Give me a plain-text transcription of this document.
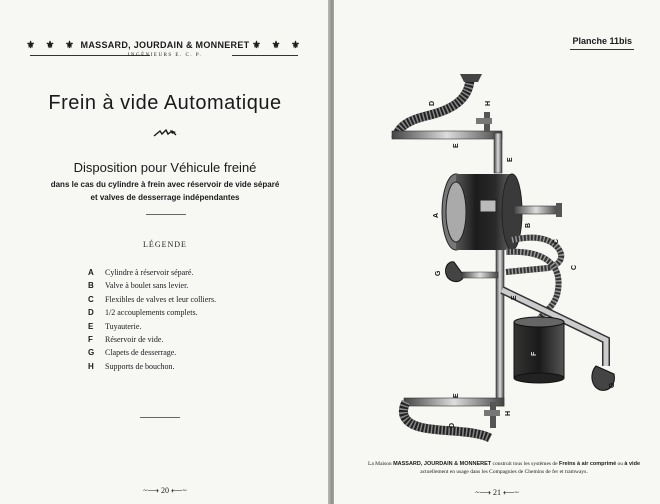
⚜ ⚜ ⚜ MASSARD, JOURDAIN & MONNERET ⚜ ⚜ ⚜
INGÉNIEURS E. C. P.
Frein à vide Automatique
Disposition pour Véhicule freiné
dans le cas du cylindre à frein avec réservoir de vide séparé
et valves de desserrage indépendantes
LÉGENDE
A Cylindre à réservoir séparé.
B Valve à boulet sans levier.
C Flexibles de valves et leur colliers.
D 1/2 accouplements complets.
E Tuyauterie.
F Réservoir de vide.
G Clapets de desserrage.
H Supports de bouchon.
~⟶ 20 ⟵~
Planche 11bis
D	H
E
E
A
B
C
C
G
F
G
E
H
D
E
La Maison MASSARD, JOURDAIN & MONNERET construit tous les systèmes de Freins à air comprimé ou à vide actuellement en usage dans les Compagnies de Chemins de fer et tramways.
~⟶ 21 ⟵~
